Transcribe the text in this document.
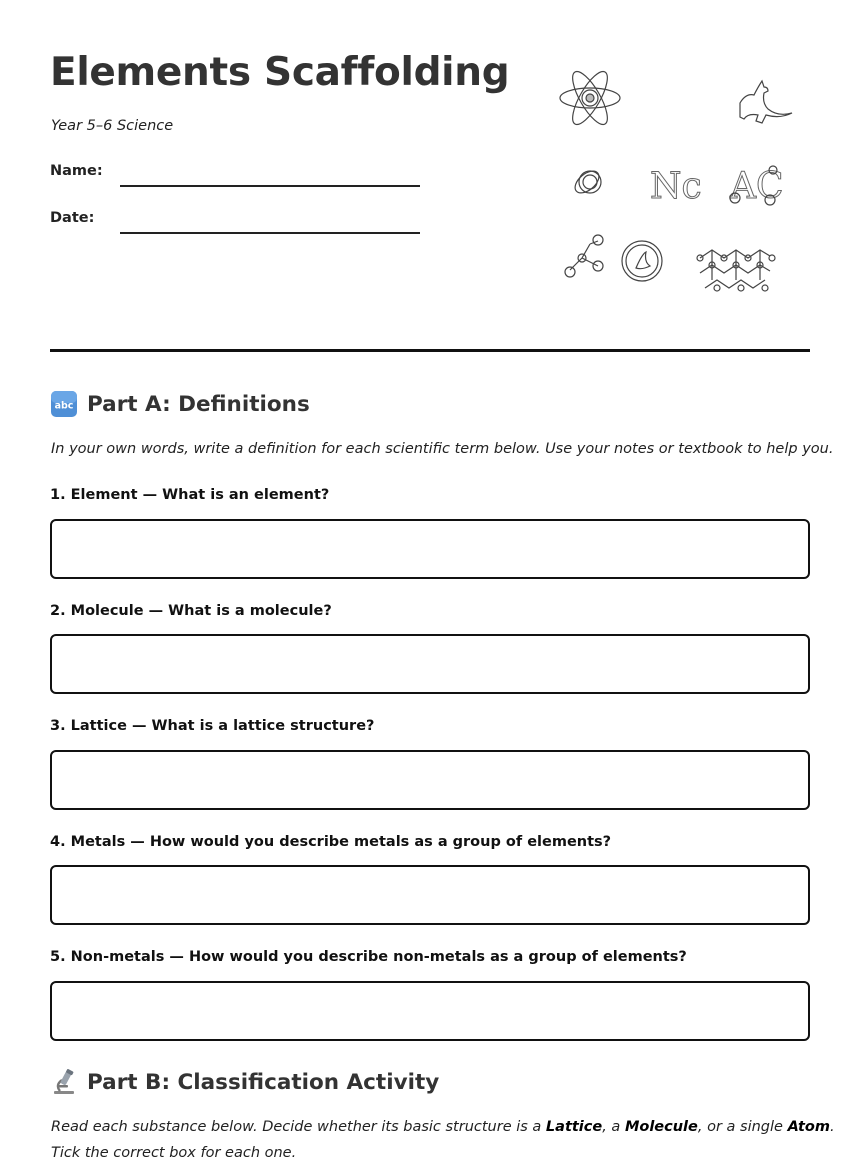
Elements Scaffolding
Year 5–6 Science
Name:
Date:
Nc AC
abc Part A: Definitions
In your own words, write a definition for each scientific term below. Use your notes or textbook to help you.
1. Element — What is an element?
2. Molecule — What is a molecule?
3. Lattice — What is a lattice structure?
4. Metals — How would you describe metals as a group of elements?
5. Non-metals — How would you describe non-metals as a group of elements?
Part B: Classification Activity
Read each substance below. Decide whether its basic structure is a Lattice, a Molecule, or a single Atom.
Tick the correct box for each one.
